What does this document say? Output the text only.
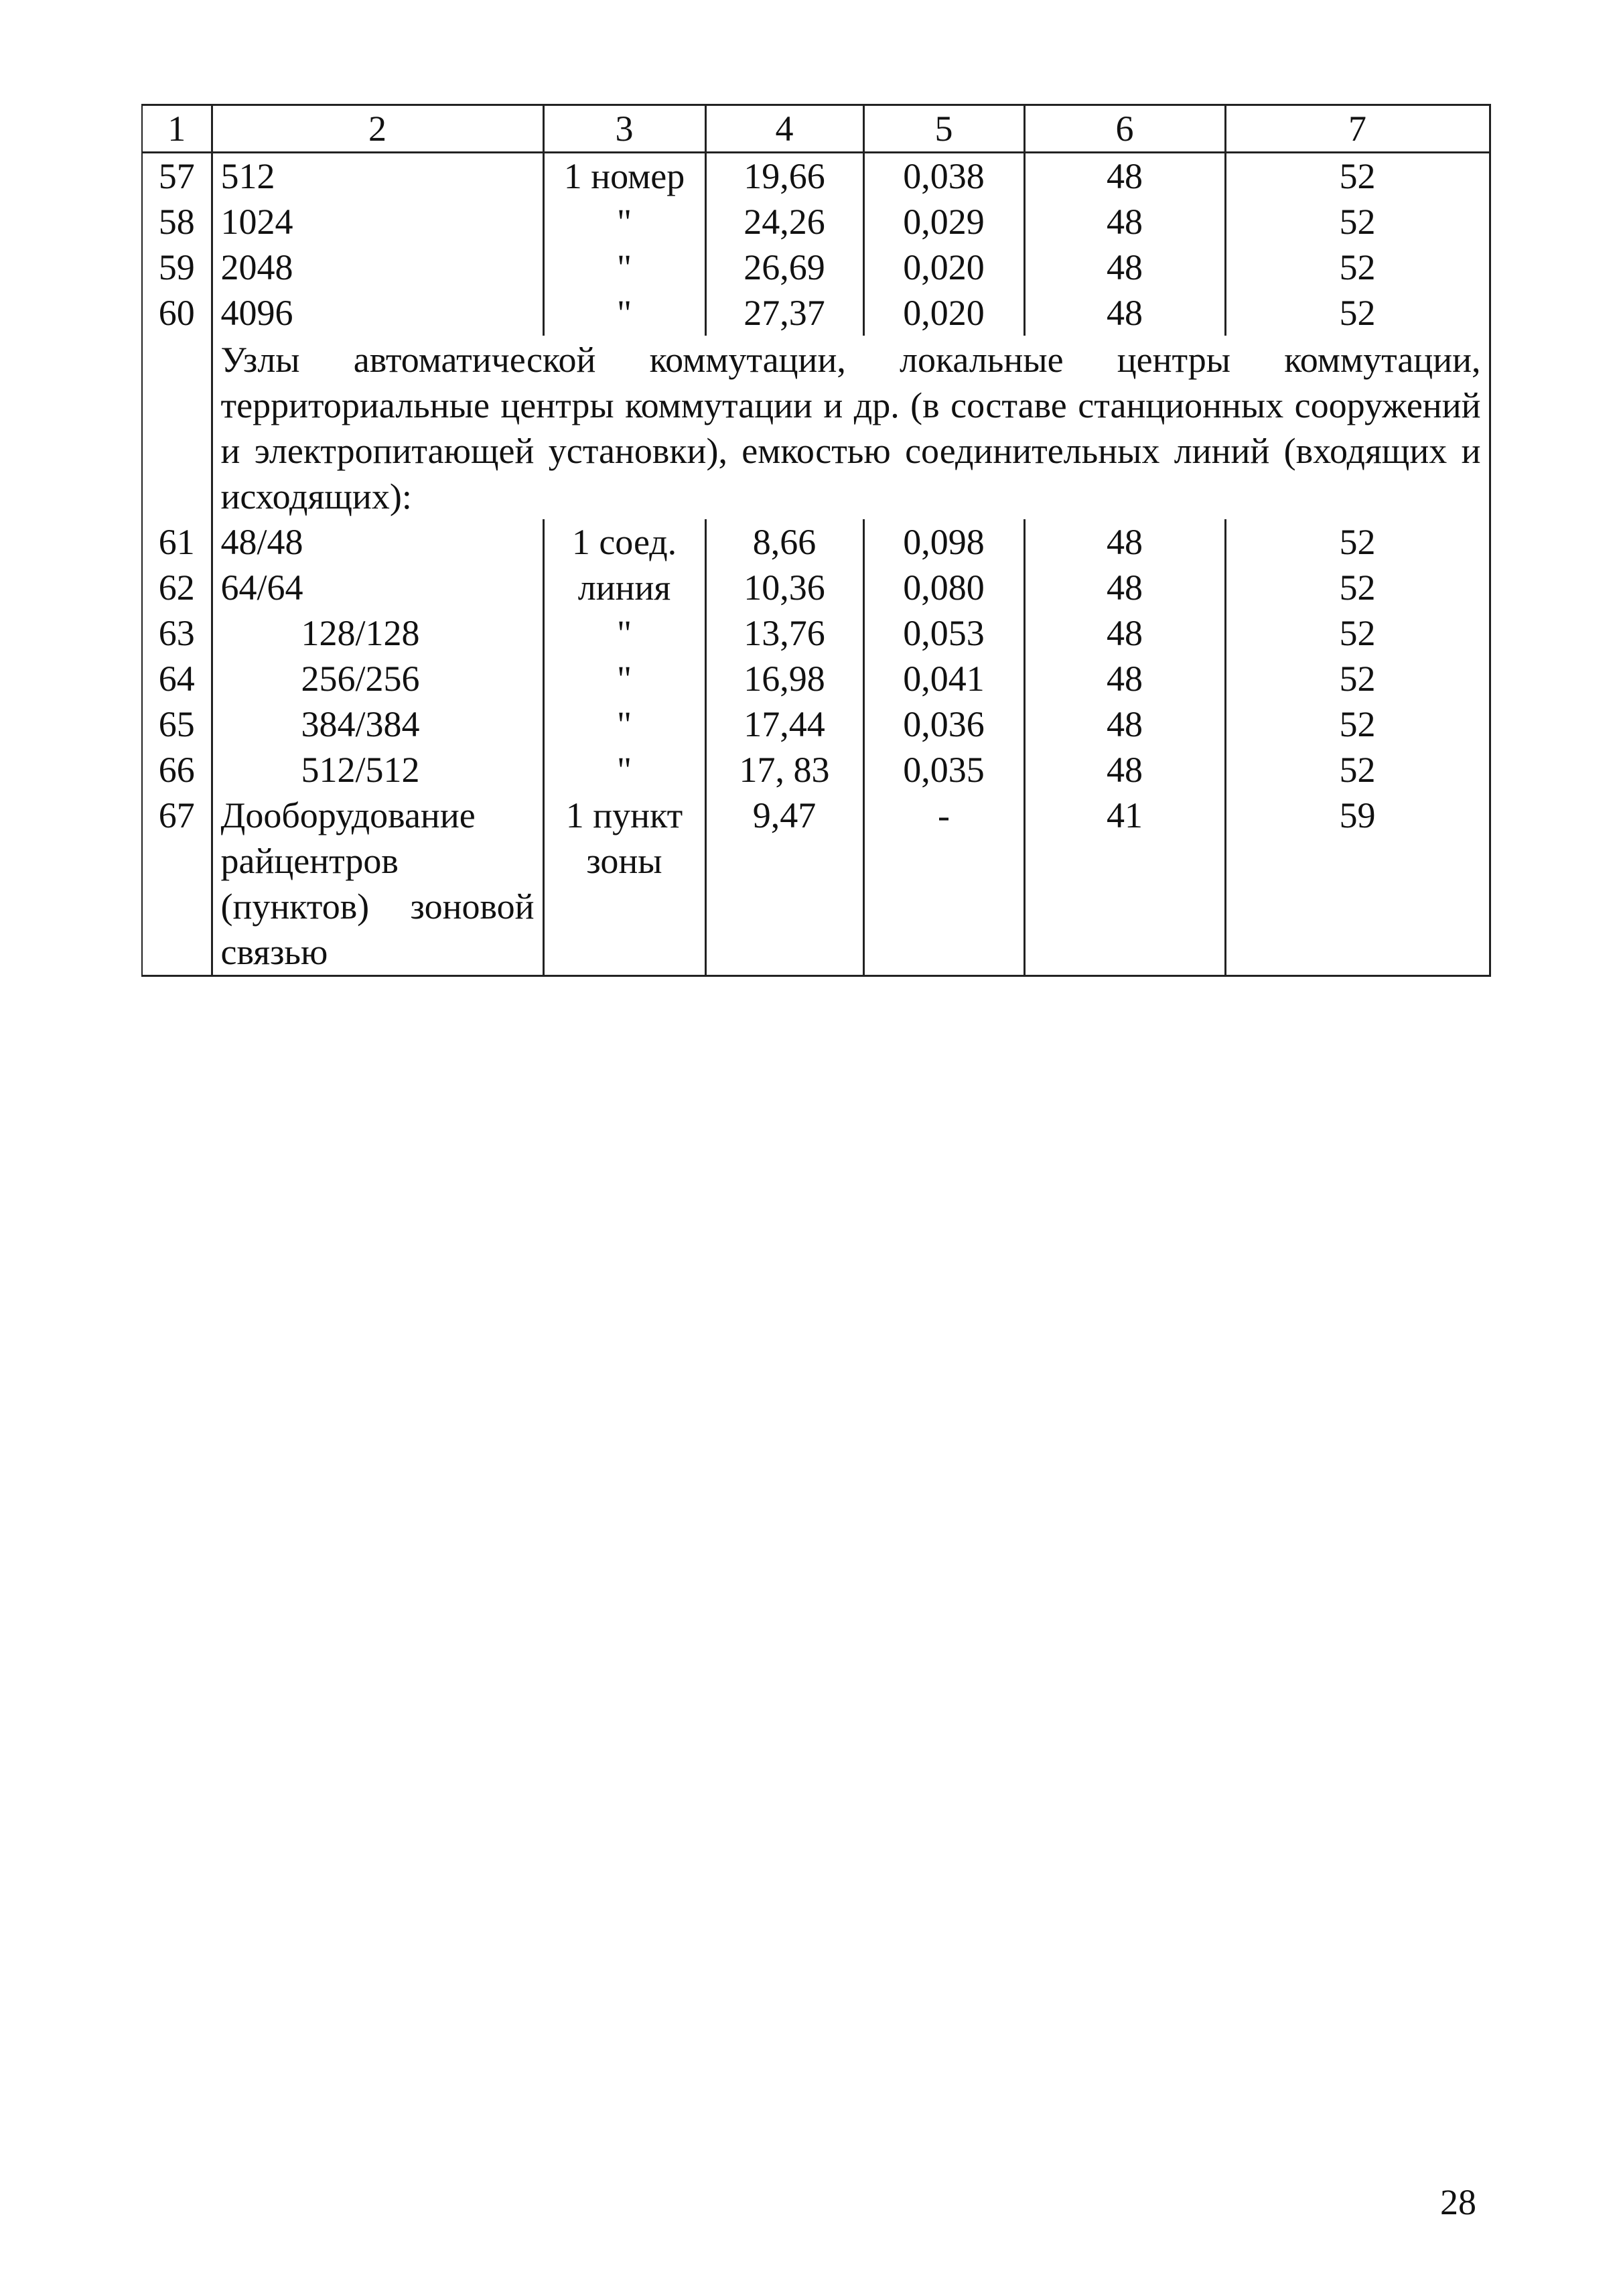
1	2	3	4	5	6	7
57	512	1 номер	19,66	0,038	48	52
58	1024	"	24,26	0,029	48	52
59	2048	"	26,69	0,020	48	52
60	4096	"	27,37	0,020	48	52
	Узлы автоматической коммутации, локальные центры коммутации, территориальные центры коммутации и др. (в составе станционных сооружений и электропитающей установки), емкостью соединительных линий (входящих и исходящих):					
61	48/48	1 соед.	8,66	0,098	48	52
62	64/64	линия	10,36	0,080	48	52
63	128/128	"	13,76	0,053	48	52
64	256/256	"	16,98	0,041	48	52
65	384/384	"	17,44	0,036	48	52
66	512/512	"	17, 83	0,035	48	52
67	Дооборудование райцентров (пунктов) зоновой связью	1 пункт зоны	9,47	-	41	59
28
